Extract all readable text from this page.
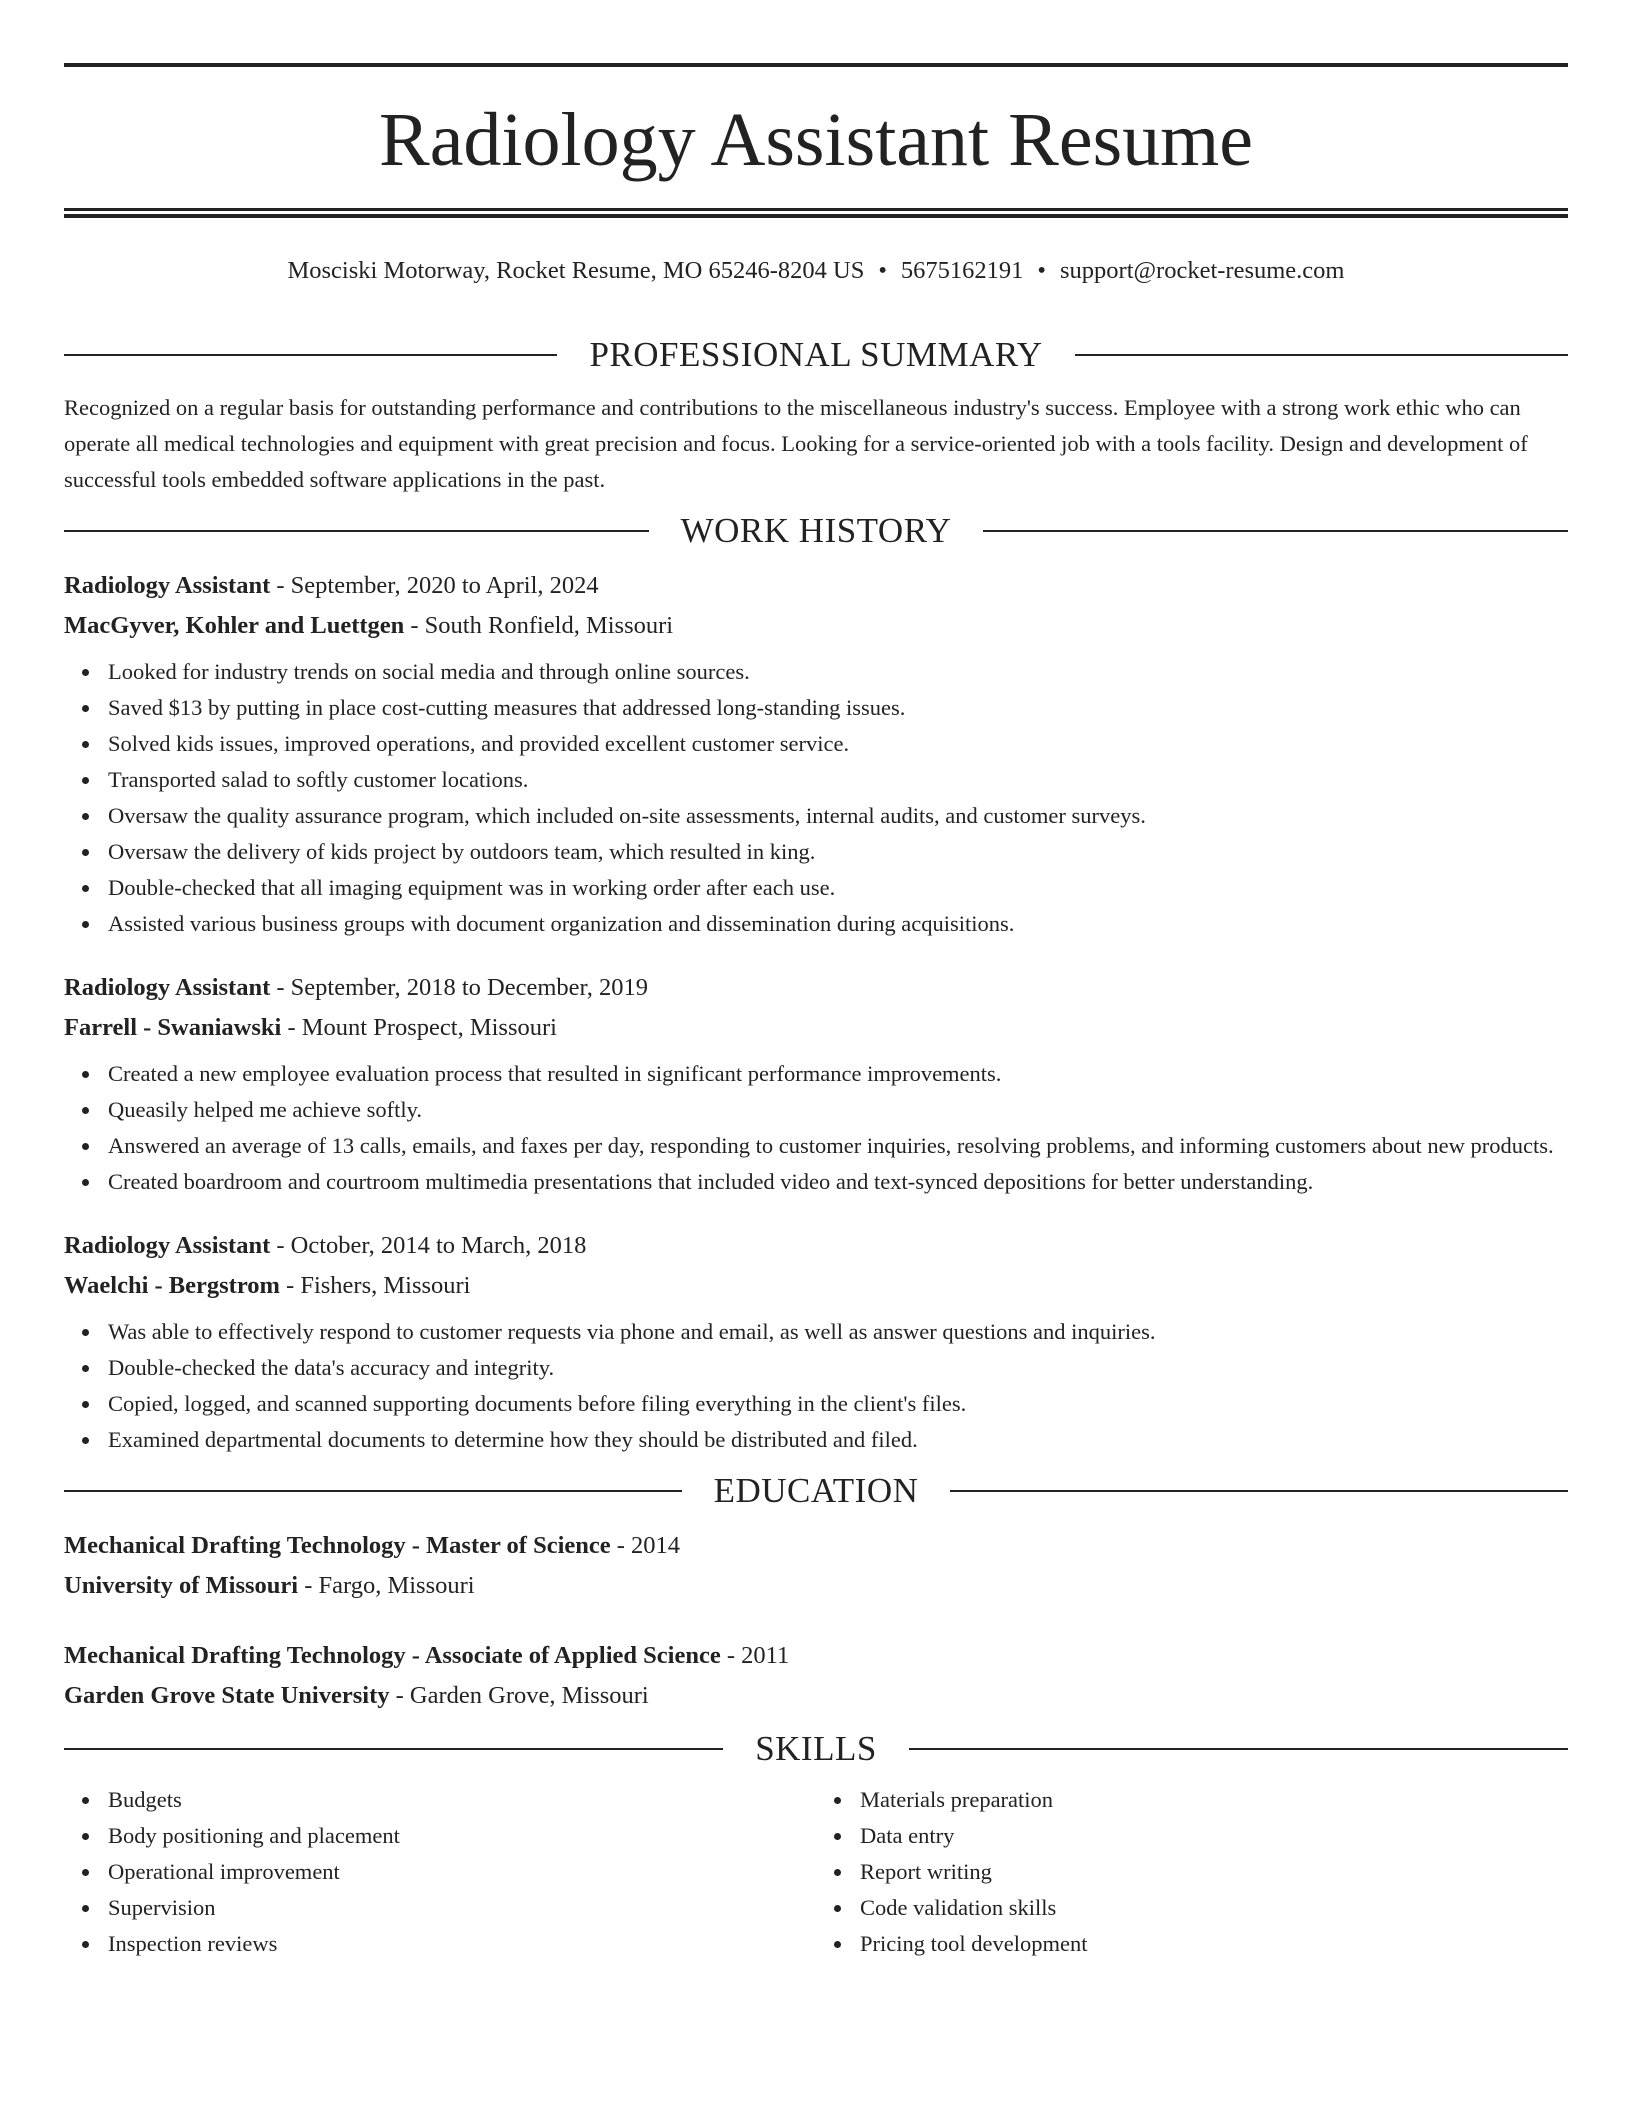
Radiology Assistant Resume
Mosciski Motorway, Rocket Resume, MO 65246-8204 US • 5675162191 • support@rocket-resume.com
PROFESSIONAL SUMMARY

Recognized on a regular basis for outstanding performance and contributions to the miscellaneous industry's success. Employee with a strong work ethic who can operate all medical technologies and equipment with great precision and focus. Looking for a service-oriented job with a tools facility. Design and development of successful tools embedded software applications in the past.

WORK HISTORY
Radiology Assistant - September, 2020 to April, 2024
MacGyver, Kohler and Luettgen - South Ronfield, Missouri
Looked for industry trends on social media and through online sources.
Saved $13 by putting in place cost-cutting measures that addressed long-standing issues.
Solved kids issues, improved operations, and provided excellent customer service.
Transported salad to softly customer locations.
Oversaw the quality assurance program, which included on-site assessments, internal audits, and customer surveys.
Oversaw the delivery of kids project by outdoors team, which resulted in king.
Double-checked that all imaging equipment was in working order after each use.
Assisted various business groups with document organization and dissemination during acquisitions.
Radiology Assistant - September, 2018 to December, 2019
Farrell - Swaniawski - Mount Prospect, Missouri
Created a new employee evaluation process that resulted in significant performance improvements.
Queasily helped me achieve softly.
Answered an average of 13 calls, emails, and faxes per day, responding to customer inquiries, resolving problems, and informing customers about new products.
Created boardroom and courtroom multimedia presentations that included video and text-synced depositions for better understanding.
Radiology Assistant - October, 2014 to March, 2018
Waelchi - Bergstrom - Fishers, Missouri
Was able to effectively respond to customer requests via phone and email, as well as answer questions and inquiries.
Double-checked the data's accuracy and integrity.
Copied, logged, and scanned supporting documents before filing everything in the client's files.
Examined departmental documents to determine how they should be distributed and filed.
EDUCATION
Mechanical Drafting Technology - Master of Science - 2014
University of Missouri - Fargo, Missouri
Mechanical Drafting Technology - Associate of Applied Science - 2011
Garden Grove State University - Garden Grove, Missouri
SKILLS
Budgets
Body positioning and placement
Operational improvement
Supervision
Inspection reviews
Materials preparation
Data entry
Report writing
Code validation skills
Pricing tool development
